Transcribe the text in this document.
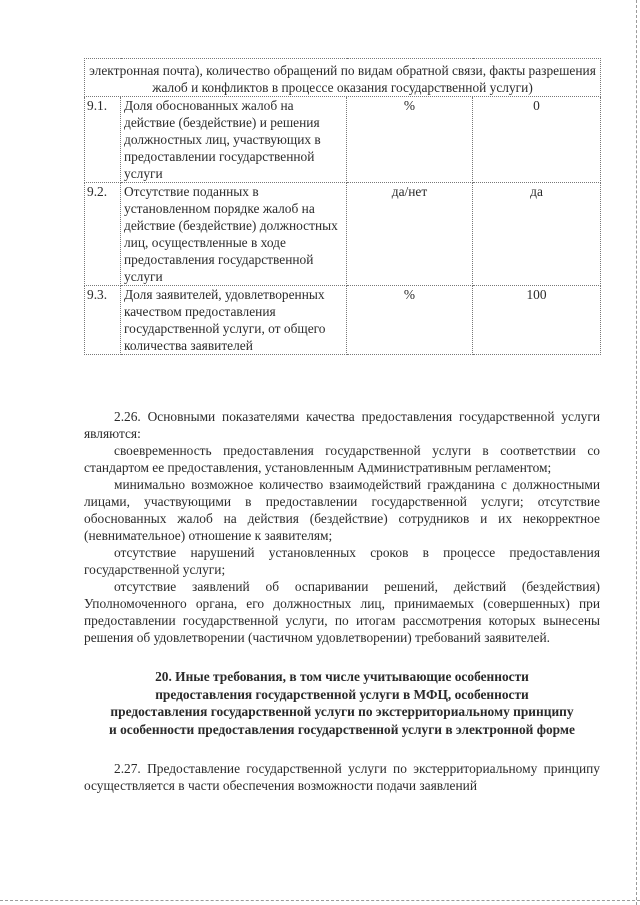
электронная почта), количество обращений по видам обратной связи, факты разрешения жалоб и конфликтов в процессе оказания государственной услуги)			
9.1.	Доля обоснованных жалоб на действие (бездействие) и решения должностных лиц, участвующих в предоставлении государственной услуги	%	0
9.2.	Отсутствие поданных в установленном порядке жалоб на действие (бездействие) должностных лиц, осуществленные в ходе предоставления государственной услуги	да/нет	да
9.3.	Доля заявителей, удовлетворенных качеством предоставления государственной услуги, от общего количества заявителей	%	100

2.26. Основными показателями качества предоставления государственной услуги являются:

своевременность предоставления государственной услуги в соответствии со стандартом ее предоставления, установленным Административным регламентом;

минимально возможное количество взаимодействий гражданина с должностными лицами, участвующими в предоставлении государственной услуги; отсутствие обоснованных жалоб на действия (бездействие) сотрудников и их некорректное (невнимательное) отношение к заявителям;

отсутствие нарушений установленных сроков в процессе предоставления государственной услуги;

отсутствие заявлений об оспаривании решений, действий (бездействия) Уполномоченного органа, его должностных лиц, принимаемых (совершенных) при предоставлении государственной услуги, по итогам рассмотрения которых вынесены решения об удовлетворении (частичном удовлетворении) требований заявителей.

20. Иные требования, в том числе учитывающие особенности предоставления государственной услуги в МФЦ, особенности предоставления государственной услуги по экстерриториальному принципу и особенности предоставления государственной услуги в электронной форме

2.27. Предоставление государственной услуги по экстерриториальному принципу осуществляется в части обеспечения возможности подачи заявлений
